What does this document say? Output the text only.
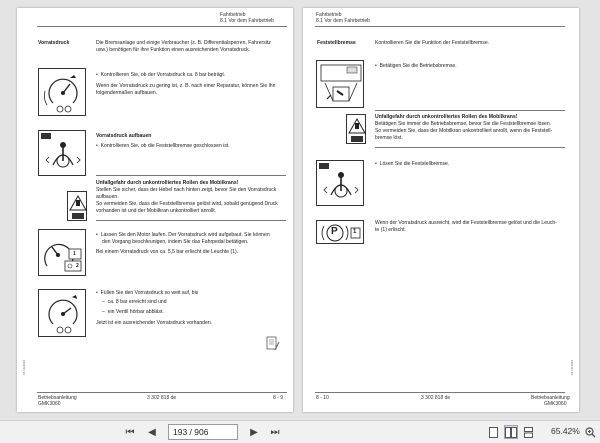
Fahrbetrieb
8.1 Vor dem Fahrbetrieb
Vorratsdruck	Die Bremsanlage und einige Verbraucher (z. B. Differentialsperren, Fahrersitz
usw.) benötigen für ihre Funktion einen ausreichenden Vorratsdruck.
•  Kontrollieren Sie, ob der Vorratsdruck ca. 8 bar beträgt.
Wenn der Vorratsdruck zu gering ist, z. B. nach einer Reparatur, können Sie ihn
folgendermaßen aufbauen.
Vorratsdruck aufbauen
•  Kontrollieren Sie, ob die Feststellbremse geschlossen ist.
Unfallgefahr durch unkontrolliertes Rollen des Mobilkrans!
Stellen Sie sicher, dass der Hebel nach hinten zeigt, bevor Sie den Vorratsdruck
aufbauen.
So vermeiden Sie, dass die Feststellbremse gelöst wird, sobald genügend Druck
vorhanden ist und der Mobilkran unkontrolliert anrollt.
1
2
•  Lassen Sie den Motor laufen. Der Vorratsdruck wird aufgebaut. Sie können
den Vorgang beschleunigen, indem Sie das Fahrpedal betätigen.
Bei einem Vorratsdruck von ca. 5,5 bar erlischt die Leuchte (1).
•  Füllen Sie den Vorratsdruck so weit auf, bis
–  ca. 8 bar erreicht sind und
–  ein Ventil hörbar abbläst.
Jetzt ist ein ausreichender Vorratsdruck vorhanden.
15.10.2014
Betriebsanleitung
GMK3060
3 302 818 de	8 - 9
Fahrbetrieb
8.1 Vor dem Fahrbetrieb
Feststellbremse	Kontrollieren Sie die Funktion der Feststellbremse.
•  Betätigen Sie die Betriebsbremse.
Unfallgefahr durch unkontrolliertes Rollen des Mobilkrans!
Betätigen Sie immer die Betriebsbremse, bevor Sie die Feststellbremse lösen.
So vermeiden Sie, dass der Mobilkran unkontrolliert anrollt, wenn die Feststell-
bremse löst.
•  Lösen Sie die Feststellbremse.
P	1
Wenn der Vorratsdruck ausreicht, wird die Feststellbremse gelöst und die Leuch-
te (1) erlischt.
15.10.2014
8 - 10	3 302 818 de	Betriebsanleitung
GMK3060
⏮ ◀	193 / 906	▶ ⏭	65.42%
